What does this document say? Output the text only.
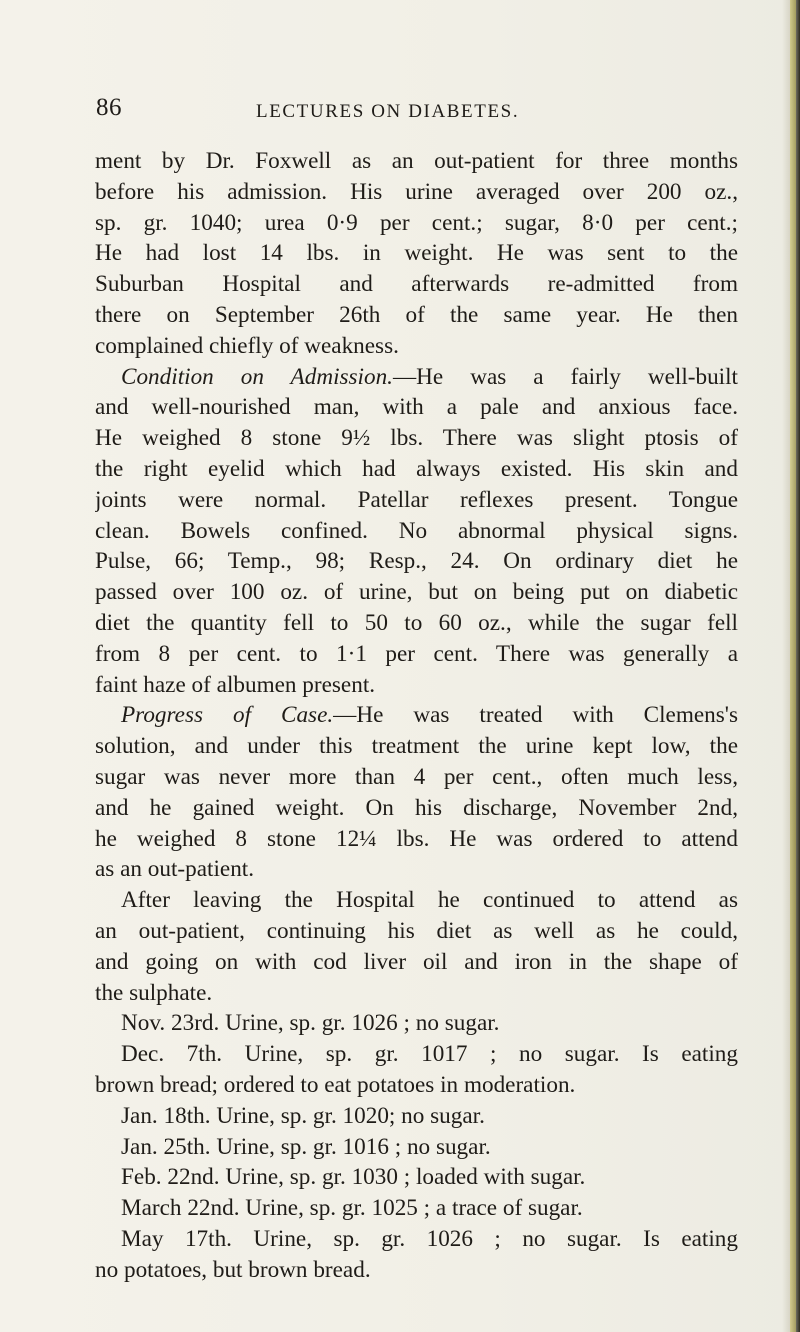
86	LECTURES ON DIABETES.
ment by Dr. Foxwell as an out-patient for three months
before his admission. His urine averaged over 200 oz.,
sp. gr. 1040; urea 0·9 per cent.; sugar, 8·0 per cent.;
He had lost 14 lbs. in weight. He was sent to the
Suburban Hospital and afterwards re-admitted from
there on September 26th of the same year. He then
complained chiefly of weakness.
Condition on Admission.—He was a fairly well-built
and well-nourished man, with a pale and anxious face.
He weighed 8 stone 9½ lbs. There was slight ptosis of
the right eyelid which had always existed. His skin and
joints were normal. Patellar reflexes present. Tongue
clean. Bowels confined. No abnormal physical signs.
Pulse, 66; Temp., 98; Resp., 24. On ordinary diet he
passed over 100 oz. of urine, but on being put on diabetic
diet the quantity fell to 50 to 60 oz., while the sugar fell
from 8 per cent. to 1·1 per cent. There was generally a
faint haze of albumen present.
Progress of Case.—He was treated with Clemens's
solution, and under this treatment the urine kept low, the
sugar was never more than 4 per cent., often much less,
and he gained weight. On his discharge, November 2nd,
he weighed 8 stone 12¼ lbs. He was ordered to attend
as an out-patient.
After leaving the Hospital he continued to attend as
an out-patient, continuing his diet as well as he could,
and going on with cod liver oil and iron in the shape of
the sulphate.
Nov. 23rd. Urine, sp. gr. 1026 ; no sugar.
Dec. 7th. Urine, sp. gr. 1017 ; no sugar. Is eating
brown bread; ordered to eat potatoes in moderation.
Jan. 18th. Urine, sp. gr. 1020; no sugar.
Jan. 25th. Urine, sp. gr. 1016 ; no sugar.
Feb. 22nd. Urine, sp. gr. 1030 ; loaded with sugar.
March 22nd. Urine, sp. gr. 1025 ; a trace of sugar.
May 17th. Urine, sp. gr. 1026 ; no sugar. Is eating
no potatoes, but brown bread.
